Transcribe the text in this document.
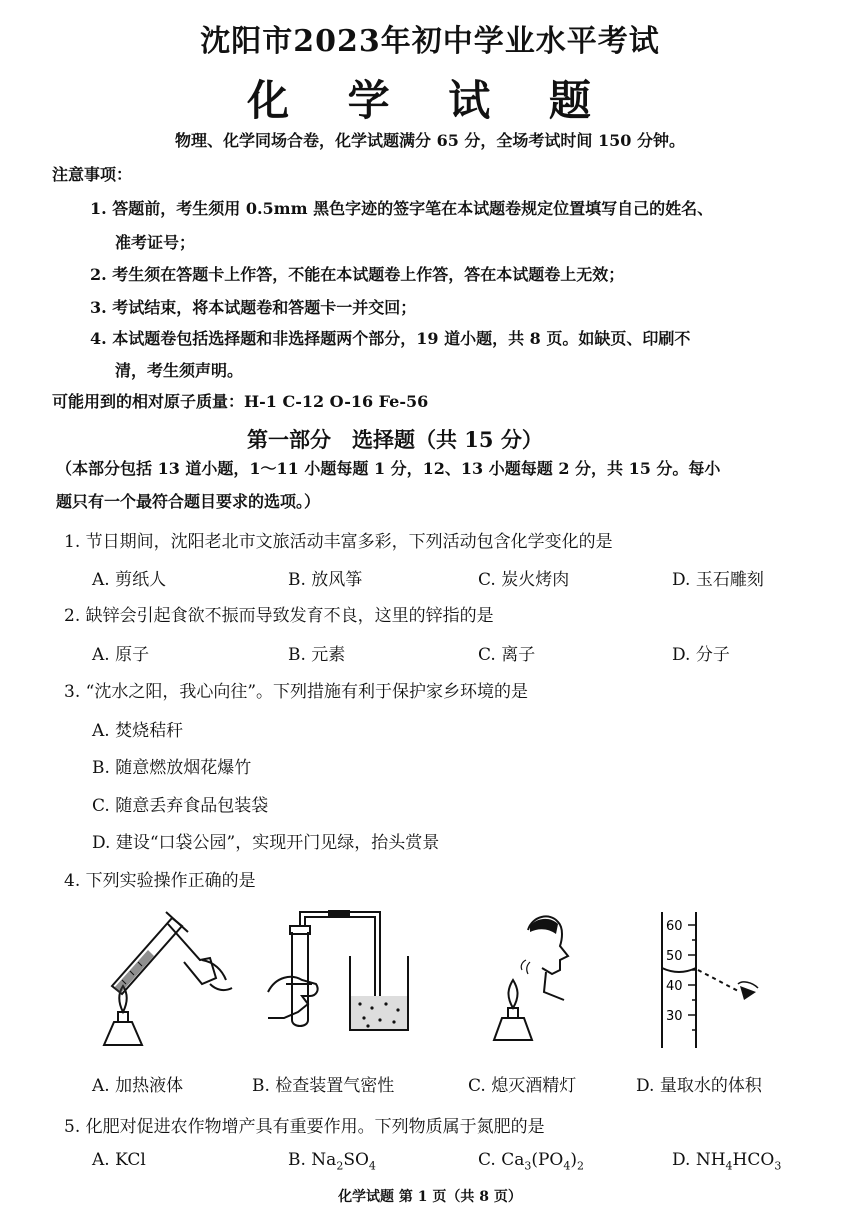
沈阳市2023年初中学业水平考试
化 学 试 题
物理、化学同场合卷，化学试题满分 65 分，全场考试时间 150 分钟。
注意事项：
1. 答题前，考生须用 0.5mm 黑色字迹的签字笔在本试题卷规定位置填写自己的姓名、
准考证号；
2. 考生须在答题卡上作答，不能在本试题卷上作答，答在本试题卷上无效；
3. 考试结束，将本试题卷和答题卡一并交回；
4. 本试题卷包括选择题和非选择题两个部分，19 道小题，共 8 页。如缺页、印刷不
清，考生须声明。
可能用到的相对原子质量：H-1 C-12 O-16 Fe-56
第一部分　选择题（共 15 分）
（本部分包括 13 道小题，1～11 小题每题 1 分，12、13 小题每题 2 分，共 15 分。每小
题只有一个最符合题目要求的选项。）
1. 节日期间，沈阳老北市文旅活动丰富多彩，下列活动包含化学变化的是
A. 剪纸人	B. 放风筝	C. 炭火烤肉	D. 玉石雕刻
2. 缺锌会引起食欲不振而导致发育不良，这里的锌指的是
A. 原子	B. 元素	C. 离子	D. 分子
3. “沈水之阳，我心向往”。下列措施有利于保护家乡环境的是
A. 焚烧秸秆
B. 随意燃放烟花爆竹
C. 随意丢弃食品包装袋
D. 建设“口袋公园”，实现开门见绿，抬头赏景
4. 下列实验操作正确的是
60
50
40
30
A. 加热液体	B. 检查装置气密性	C. 熄灭酒精灯	D. 量取水的体积
5. 化肥对促进农作物增产具有重要作用。下列物质属于氮肥的是
A. KCl	B. $Na_2SO_4$	C. $Ca_3(PO_4)_2$	D. $NH_4HCO_3$
化学试题 第 1 页（共 8 页）
